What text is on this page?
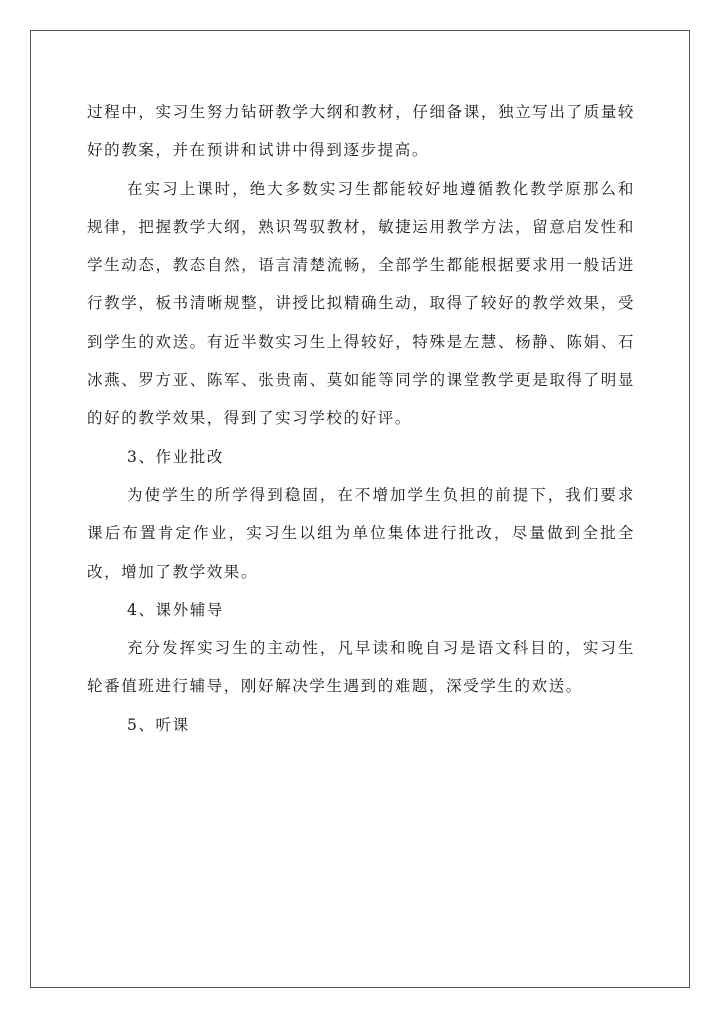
过程中，实习生努力钻研教学大纲和教材，仔细备课，独立写出了质量较好的教案，并在预讲和试讲中得到逐步提高。

在实习上课时，绝大多数实习生都能较好地遵循教化教学原那么和规律，把握教学大纲，熟识驾驭教材，敏捷运用教学方法，留意启发性和学生动态，教态自然，语言清楚流畅，全部学生都能根据要求用一般话进行教学，板书清晰规整，讲授比拟精确生动，取得了较好的教学效果，受到学生的欢送。有近半数实习生上得较好，特殊是左慧、杨静、陈娟、石冰燕、罗方亚、陈军、张贵南、莫如能等同学的课堂教学更是取得了明显的好的教学效果，得到了实习学校的好评。

3、作业批改

为使学生的所学得到稳固，在不增加学生负担的前提下，我们要求课后布置肯定作业，实习生以组为单位集体进行批改，尽量做到全批全改，增加了教学效果。

4、课外辅导

充分发挥实习生的主动性，凡早读和晚自习是语文科目的，实习生轮番值班进行辅导，刚好解决学生遇到的难题，深受学生的欢送。

5、听课
